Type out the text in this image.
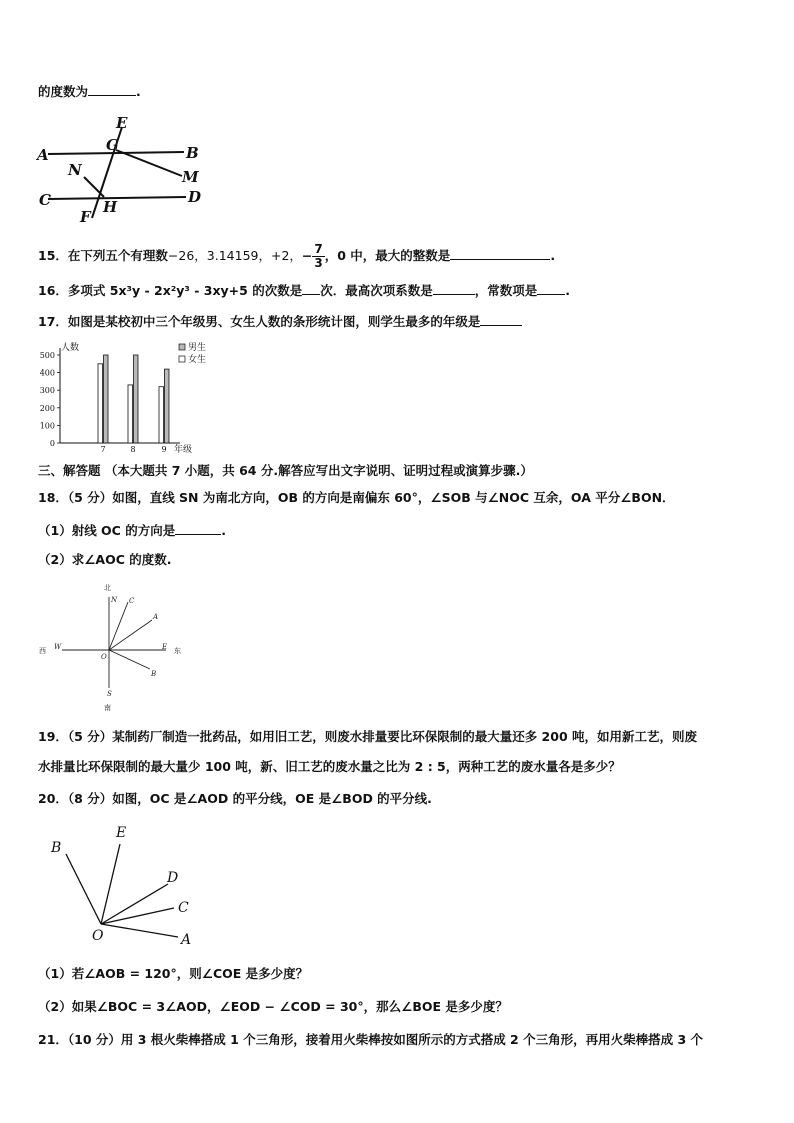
的度数为	.
A	B
C	D
E
F
G
H
M
N
15．在下列五个有理数−26，3.14159，+2，− $\frac{7}{3}$ ，0 中，最大的整数是	.
16．多项式 5x³y - 2x²y³ - 3xy+5 的次数是 次．最高次项系数是	，常数项是 .
17．如图是某校初中三个年级男、女生人数的条形统计图，则学生最多的年级是
0
100
200
300
400
500
人数
年级
7	8	9
男生
女生
三、解答题 （本大题共 7 小题，共 64 分.解答应写出文字说明、证明过程或演算步骤.）
18．（5 分）如图，直线 SN 为南北方向，OB 的方向是南偏东 60°，∠SOB 与∠NOC 互余，OA 平分∠BON．
（1）射线 OC 的方向是	.
（2）求∠AOC 的度数.
北
南
西	东
N
S
W	E
O
A
B
C
19．（5 分）某制药厂制造一批药品，如用旧工艺，则废水排量要比环保限制的最大量还多 200 吨，如用新工艺，则废
水排量比环保限制的最大量少 100 吨，新、旧工艺的废水量之比为 2 : 5，两种工艺的废水量各是多少？
20．（8 分）如图，OC 是∠AOD 的平分线，OE 是∠BOD 的平分线.
B
E
D
C
A
O
（1）若∠AOB = 120°，则∠COE 是多少度？
（2）如果∠BOC = 3∠AOD，∠EOD − ∠COD = 30°，那么∠BOE 是多少度？
21．（10 分）用 3 根火柴棒搭成 1 个三角形，接着用火柴棒按如图所示的方式搭成 2 个三角形，再用火柴棒搭成 3 个
